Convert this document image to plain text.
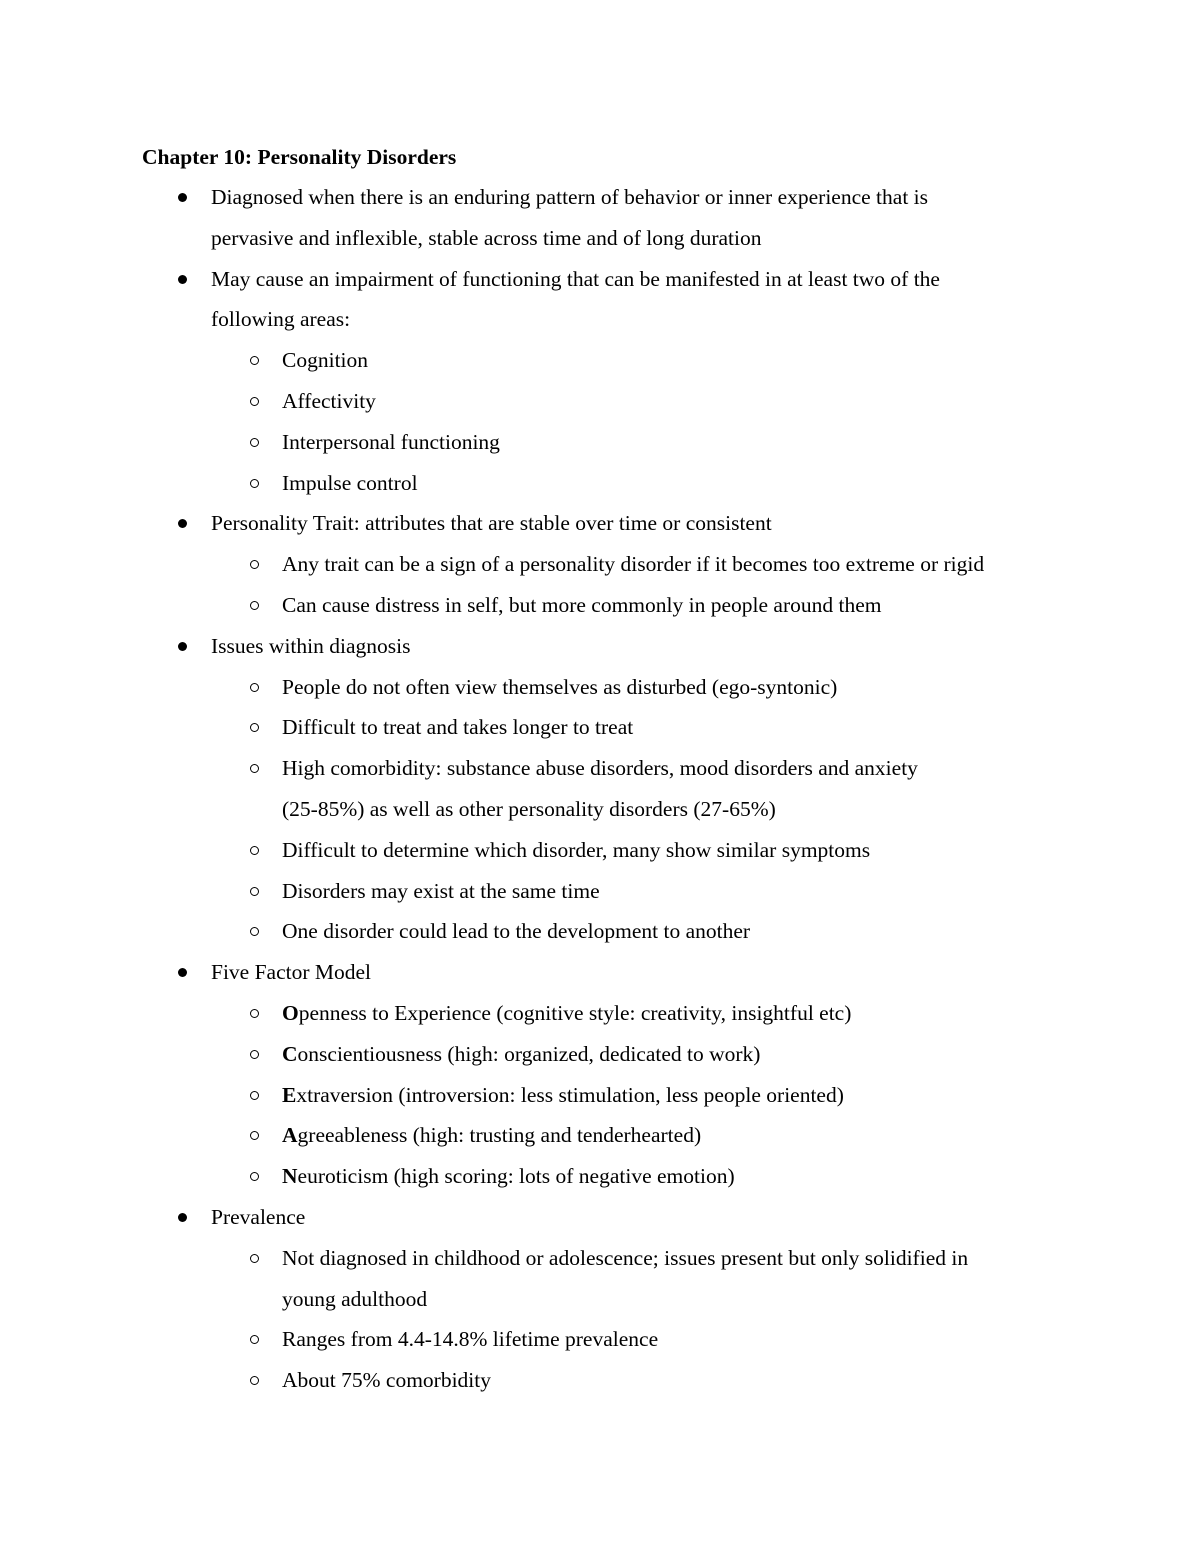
Chapter 10: Personality Disorders
Diagnosed when there is an enduring pattern of behavior or inner experience that is
pervasive and inflexible, stable across time and of long duration
May cause an impairment of functioning that can be manifested in at least two of the
following areas:
Cognition
Affectivity
Interpersonal functioning
Impulse control
Personality Trait: attributes that are stable over time or consistent
Any trait can be a sign of a personality disorder if it becomes too extreme or rigid
Can cause distress in self, but more commonly in people around them
Issues within diagnosis
People do not often view themselves as disturbed (ego-syntonic)
Difficult to treat and takes longer to treat
High comorbidity: substance abuse disorders, mood disorders and anxiety
(25-85%) as well as other personality disorders (27-65%)
Difficult to determine which disorder, many show similar symptoms
Disorders may exist at the same time
One disorder could lead to the development to another
Five Factor Model
Openness to Experience (cognitive style: creativity, insightful etc)
Conscientiousness (high: organized, dedicated to work)
Extraversion (introversion: less stimulation, less people oriented)
Agreeableness (high: trusting and tenderhearted)
Neuroticism (high scoring: lots of negative emotion)
Prevalence
Not diagnosed in childhood or adolescence; issues present but only solidified in
young adulthood
Ranges from 4.4-14.8% lifetime prevalence
About 75% comorbidity
